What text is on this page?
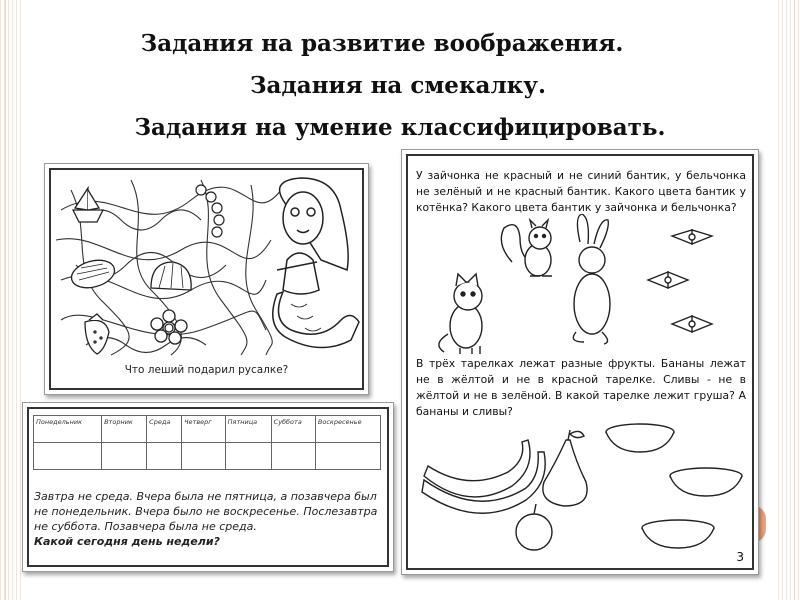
Задания на развитие воображения.
Задания на смекалку.
Задания на умение классифицировать.
Что леший подарил русалке?
Понедельник	Вторник	Среда	Четверг	Пятница	Суббота	Воскресенье

Завтра не среда. Вчера была не пятница, а позавчера был не понедельник. Вчера было не воскресенье. Послезавтра не суббота. Позавчера была не среда.
Какой сегодня день недели?
У зайчонка не красный и не синий бантик, у бельчонка не зелёный и не красный бантик. Какого цвета бантик у котёнка? Какого цвета бантик у зайчонка и бельчонка?
В трёх тарелках лежат разные фрукты. Бананы лежат не в жёлтой и не в красной тарелке. Сливы - не в жёлтой и не в зелёной. В какой тарелке лежит груша? А бананы и сливы?
3
